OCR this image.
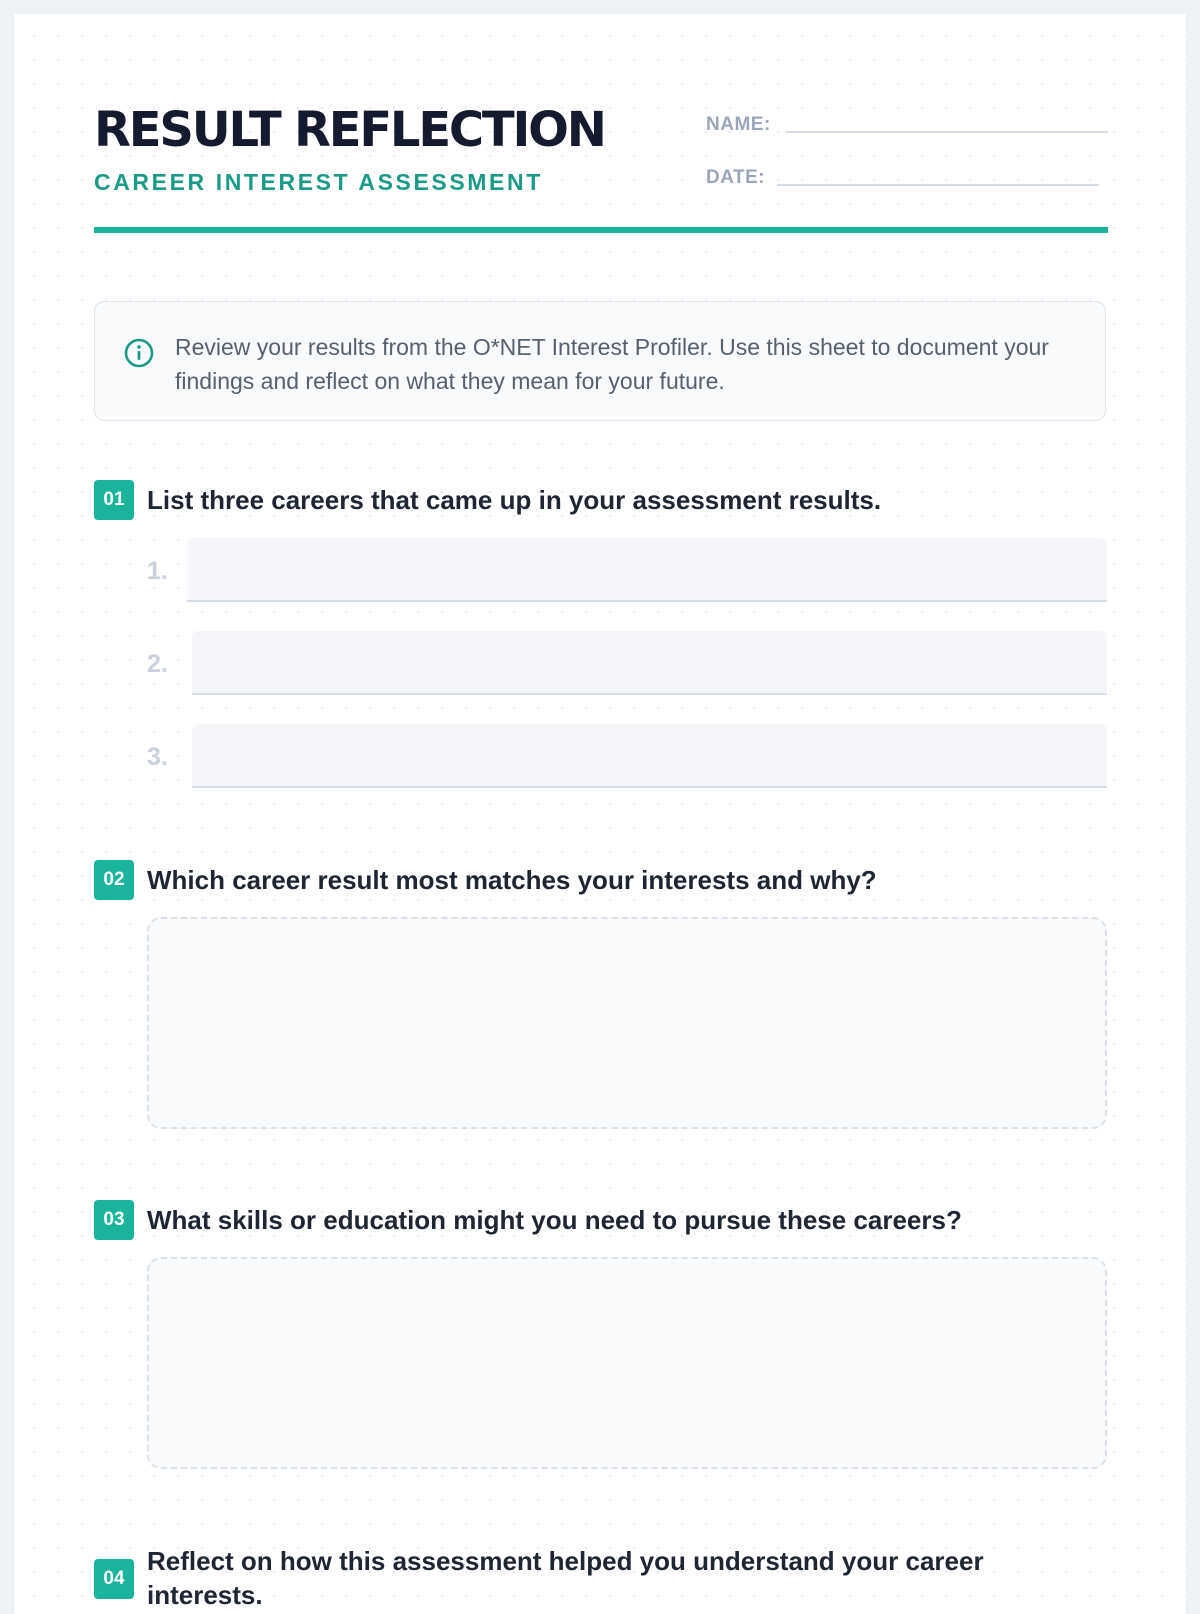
RESULT REFLECTION
CAREER INTEREST ASSESSMENT
NAME:
DATE:

Review your results from the O*NET Interest Profiler. Use this sheet to document your findings and reflect on what they mean for your future.

01 List three careers that came up in your assessment results.

1.
2.
3.
02 Which career result most matches your interests and why?

03 What skills or education might you need to pursue these careers?

04

Reflect on how this assessment helped you understand your career interests.
